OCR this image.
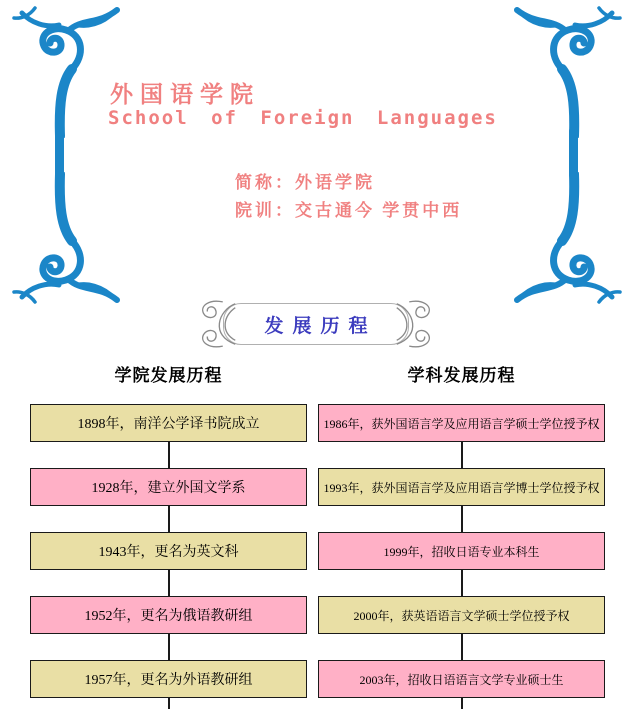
外国语学院
School of Foreign Languages
简称：外语学院
院训：交古通今 学贯中西
发展历程
学院发展历程	学科发展历程
1898年，南洋公学译书院成立
1928年，建立外国文学系
1943年，更名为英文科
1952年，更名为俄语教研组
1957年，更名为外语教研组
1986年，获外国语言学及应用语言学硕士学位授予权
1993年，获外国语言学及应用语言学博士学位授予权
1999年，招收日语专业本科生
2000年，获英语语言文学硕士学位授予权
2003年，招收日语语言文学专业硕士生
